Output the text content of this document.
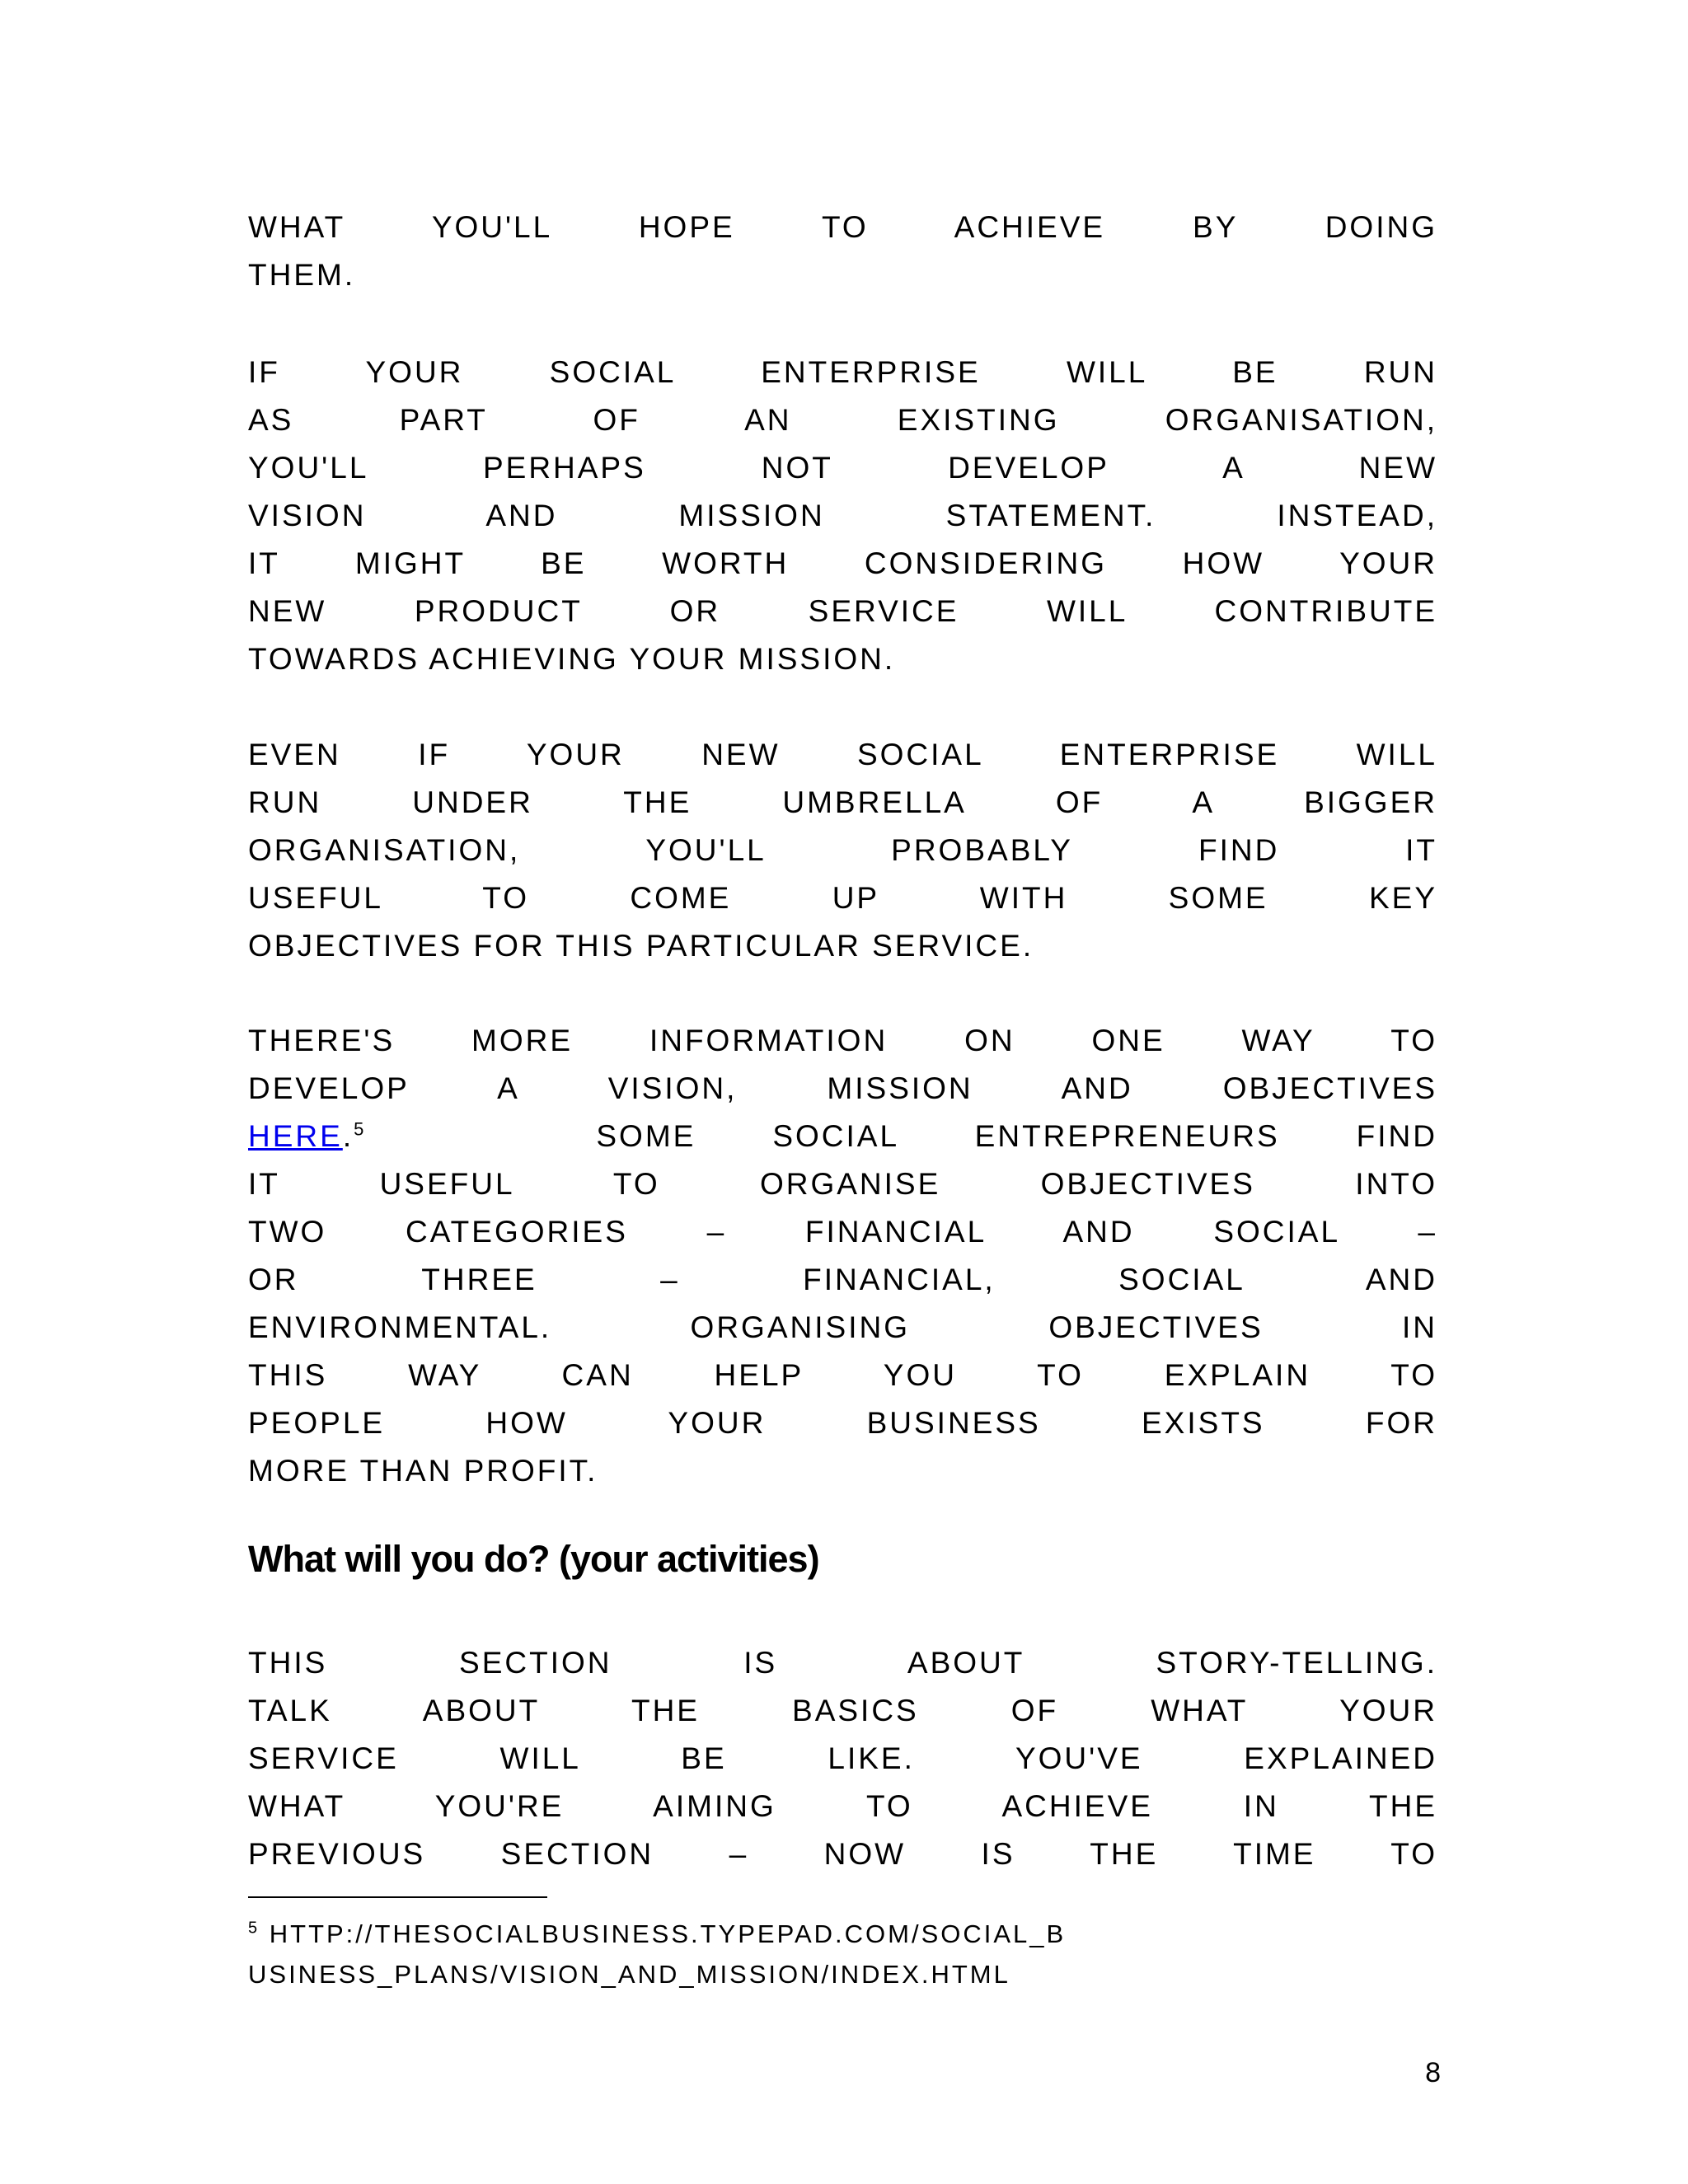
WHAT YOU'LL HOPE TO ACHIEVE BY DOING
THEM.
IF YOUR SOCIAL ENTERPRISE WILL BE RUN
AS PART OF AN EXISTING ORGANISATION,
YOU'LL PERHAPS NOT DEVELOP A NEW
VISION AND MISSION STATEMENT. INSTEAD,
IT MIGHT BE WORTH CONSIDERING HOW YOUR
NEW PRODUCT OR SERVICE WILL CONTRIBUTE
TOWARDS ACHIEVING YOUR MISSION.
EVEN IF YOUR NEW SOCIAL ENTERPRISE WILL
RUN UNDER THE UMBRELLA OF A BIGGER
ORGANISATION, YOU'LL PROBABLY FIND IT
USEFUL TO COME UP WITH SOME KEY
OBJECTIVES FOR THIS PARTICULAR SERVICE.
THERE'S MORE INFORMATION ON ONE WAY TO
DEVELOP A VISION, MISSION AND OBJECTIVES
HERE.$^5$	SOME SOCIAL ENTREPRENEURS FIND
IT USEFUL TO ORGANISE OBJECTIVES INTO
TWO CATEGORIES – FINANCIAL AND SOCIAL –
OR THREE – FINANCIAL, SOCIAL AND
ENVIRONMENTAL. ORGANISING OBJECTIVES IN
THIS WAY CAN HELP YOU TO EXPLAIN TO
PEOPLE HOW YOUR BUSINESS EXISTS FOR
MORE THAN PROFIT.
What will you do? (your activities)
THIS SECTION IS ABOUT STORY-TELLING.
TALK ABOUT THE BASICS OF WHAT YOUR
SERVICE WILL BE LIKE. YOU'VE EXPLAINED
WHAT YOU'RE AIMING TO ACHIEVE IN THE
PREVIOUS SECTION – NOW IS THE TIME TO
$^5$ HTTP://THESOCIALBUSINESS.TYPEPAD.COM/SOCIAL_B
USINESS_PLANS/VISION_AND_MISSION/INDEX.HTML
8
